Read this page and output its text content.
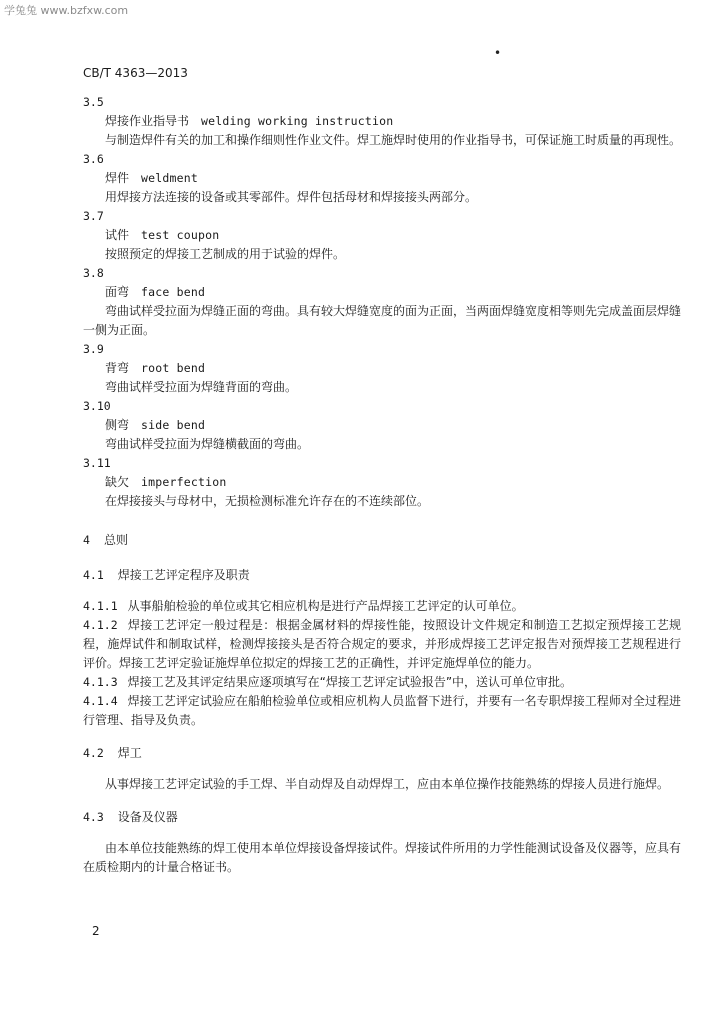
学兔兔 www.bzfxw.com
•
CB/T 4363—2013
3.5
焊接作业指导书 welding working instruction
与制造焊件有关的加工和操作细则性作业文件。焊工施焊时使用的作业指导书，可保证施工时质量的再现性。
3.6
焊件 weldment
用焊接方法连接的设备或其零部件。焊件包括母材和焊接接头两部分。
3.7
试件 test coupon
按照预定的焊接工艺制成的用于试验的焊件。
3.8
面弯 face bend
弯曲试样受拉面为焊缝正面的弯曲。具有较大焊缝宽度的面为正面，当两面焊缝宽度相等则先完成盖面层焊缝一侧为正面。
3.9
背弯 root bend
弯曲试样受拉面为焊缝背面的弯曲。
3.10
侧弯 side bend
弯曲试样受拉面为焊缝横截面的弯曲。
3.11
缺欠 imperfection
在焊接接头与母材中，无损检测标准允许存在的不连续部位。
4 总则
4.1 焊接工艺评定程序及职责
4.1.1 从事船舶检验的单位或其它相应机构是进行产品焊接工艺评定的认可单位。
4.1.2 焊接工艺评定一般过程是：根据金属材料的焊接性能，按照设计文件规定和制造工艺拟定预焊接工艺规程，施焊试件和制取试样，检测焊接接头是否符合规定的要求，并形成焊接工艺评定报告对预焊接工艺规程进行评价。焊接工艺评定验证施焊单位拟定的焊接工艺的正确性，并评定施焊单位的能力。
4.1.3 焊接工艺及其评定结果应逐项填写在“焊接工艺评定试验报告”中，送认可单位审批。
4.1.4 焊接工艺评定试验应在船舶检验单位或相应机构人员监督下进行，并要有一名专职焊接工程师对全过程进行管理、指导及负责。
4.2 焊工
从事焊接工艺评定试验的手工焊、半自动焊及自动焊焊工，应由本单位操作技能熟练的焊接人员进行施焊。
4.3 设备及仪器
由本单位技能熟练的焊工使用本单位焊接设备焊接试件。焊接试件所用的力学性能测试设备及仪器等，应具有在质检期内的计量合格证书。
2
